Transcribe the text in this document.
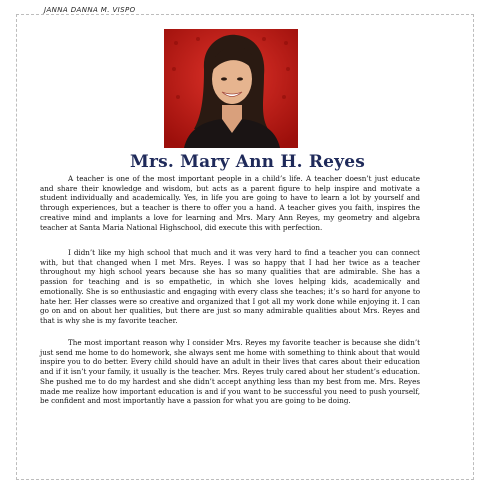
JANNA DANNA M. VISPO
Mrs. Mary Ann H. Reyes

A teacher is one of the most important people in a child’s life. A teacher doesn’t just educate and share their knowledge and wisdom, but acts as a parent figure to help inspire and motivate a student individually and academically. Yes, in life you are going to have to learn a lot by yourself and through experiences, but a teacher is there to offer you a hand. A teacher gives you faith, inspires the creative mind and implants a love for learning and Mrs. Mary Ann Reyes, my geometry and algebra teacher at Santa Maria National Highschool, did execute this with perfection.

I didn’t like my high school that much and it was very hard to find a teacher you can connect with, but that changed when I met Mrs. Reyes. I was so happy that I had her twice as a teacher throughout my high school years because she has so many qualities that are admirable. She has a passion for teaching and is so empathetic, in which she loves helping kids, academically and emotionally. She is so enthusiastic and engaging with every class she teaches; it’s so hard for anyone to hate her. Her classes were so creative and organized that I got all my work done while enjoying it. I can go on and on about her qualities, but there are just so many admirable qualities about Mrs. Reyes and that is why she is my favorite teacher.

The most important reason why I consider Mrs. Reyes my favorite teacher is because she didn’t just send me home to do homework, she always sent me home with something to think about that would inspire you to do better. Every child should have an adult in their lives that cares about their education and if it isn’t your family, it usually is the teacher. Mrs. Reyes truly cared about her student’s education. She pushed me to do my hardest and she didn’t accept anything less than my best from me. Mrs. Reyes made me realize how important education is and if you want to be successful you need to push yourself, be confident and most importantly have a passion for what you are going to be doing.
